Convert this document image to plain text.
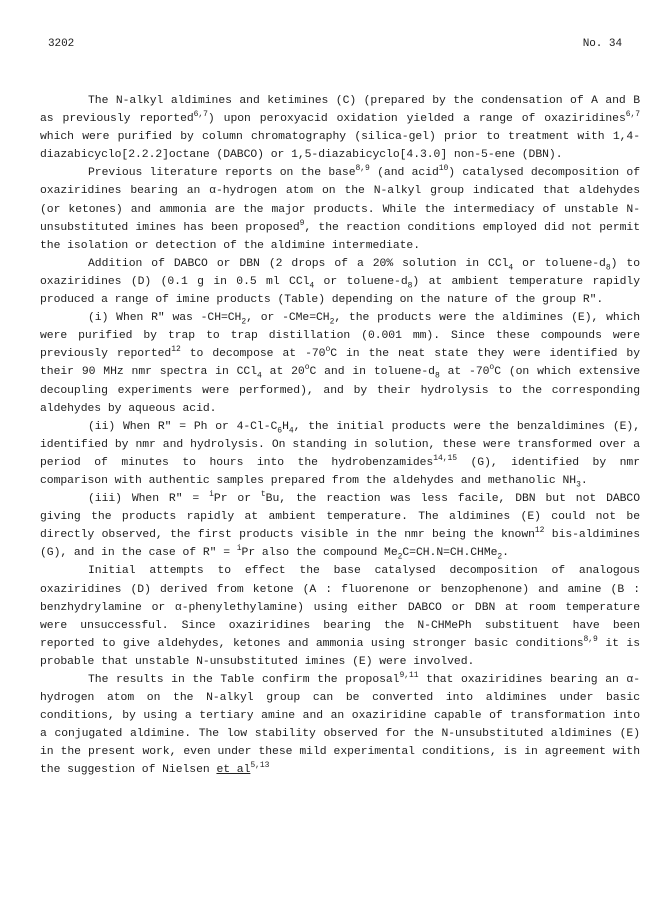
3202	No. 34

The N-alkyl aldimines and ketimines (C) (prepared by the condensation of A and B as previously reported$^{6,7}$) upon peroxyacid oxidation yielded a range of oxaziridines$^{6,7}$ which were purified by column chromatography (silica-gel) prior to treatment with 1,4-diazabicyclo[2.2.2]octane (DABCO) or 1,5-diazabicyclo[4.3.0] non-5-ene (DBN).

Previous literature reports on the base$^{8,9}$ (and acid$^{10}$) catalysed decomposition of oxaziridines bearing an α-hydrogen atom on the N-alkyl group indicated that aldehydes (or ketones) and ammonia are the major products. While the intermediacy of unstable N-unsubstituted imines has been proposed$^9$, the reaction conditions employed did not permit the isolation or detection of the aldimine intermediate.

Addition of DABCO or DBN (2 drops of a 20% solution in CCl$_4$ or toluene-$d_8$) to oxaziridines (D) (0.1 g in 0.5 ml CCl$_4$ or toluene-$d_8$) at ambient temperature rapidly produced a range of imine products (Table) depending on the nature of the group R".

(i) When R" was $-CH=CH_2$, or $-CMe=CH_2$, the products were the aldimines (E), which were purified by trap to trap distillation (0.001 mm). Since these compounds were previously reported$^{12}$ to decompose at -70$^o$C in the neat state they were identified by their 90 MHz nmr spectra in CCl$_4$ at 20$^o$C and in toluene-$d_8$ at -70$^o$C (on which extensive decoupling experiments were performed), and by their hydrolysis to the corresponding aldehydes by aqueous acid.

(ii) When R" = Ph or $4-Cl-C_6H_4$, the initial products were the benzaldimines (E), identified by nmr and hydrolysis. On standing in solution, these were transformed over a period of minutes to hours into the hydrobenzamides$^{14,15}$ (G), identified by nmr comparison with authentic samples prepared from the aldehydes and methanolic $NH_3$.

(iii) When R" = $^i$Pr or $^t$Bu, the reaction was less facile, DBN but not DABCO giving the products rapidly at ambient temperature. The aldimines (E) could not be directly observed, the first products visible in the nmr being the known$^{12}$ bis-aldimines (G), and in the case of R" = $^i$Pr also the compound $Me_2C=CH.N=CH.CHMe_2$.

Initial attempts to effect the base catalysed decomposition of analogous oxaziridines (D) derived from ketone (A : fluorenone or benzophenone) and amine (B : benzhydrylamine or α-phenylethylamine) using either DABCO or DBN at room temperature were unsuccessful. Since oxaziridines bearing the N-CHMePh substituent have been reported to give aldehydes, ketones and ammonia using stronger basic conditions$^{8,9}$ it is probable that unstable N-unsubstituted imines (E) were involved.

The results in the Table confirm the proposal$^{9,11}$ that oxaziridines bearing an α-hydrogen atom on the N-alkyl group can be converted into aldimines under basic conditions, by using a tertiary amine and an oxaziridine capable of transformation into a conjugated aldimine. The low stability observed for the N-unsubstituted aldimines (E) in the present work, even under these mild experimental conditions, is in agreement with the suggestion of Nielsen et al$^{5,13}$
